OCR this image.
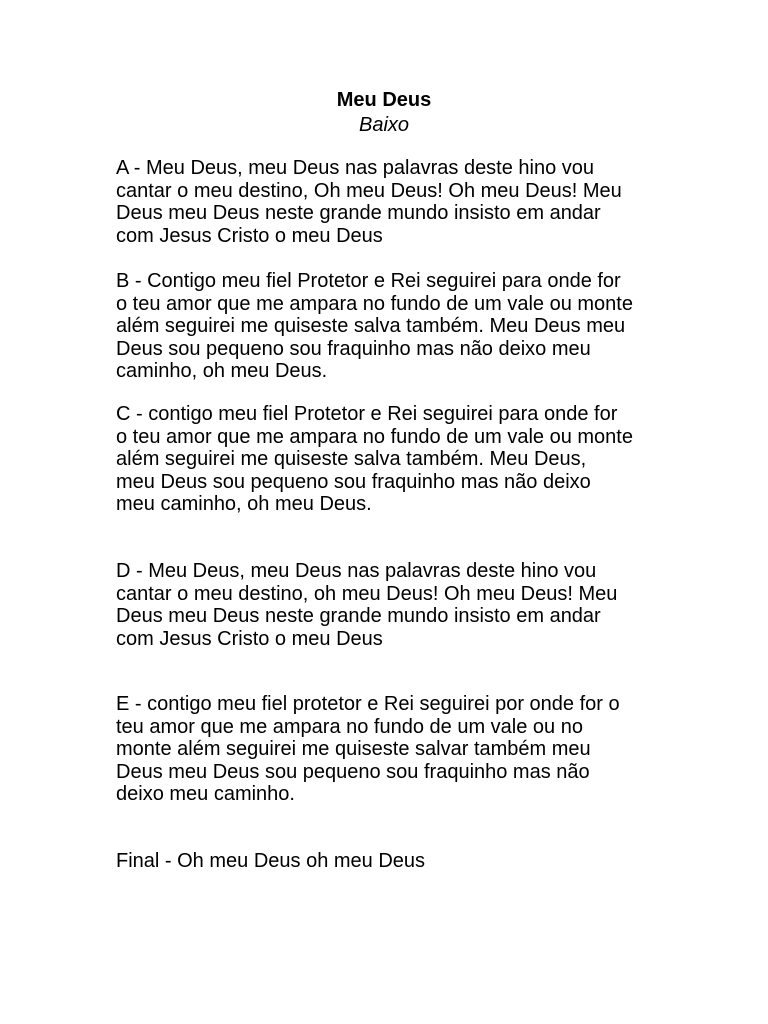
Meu Deus
Baixo
A - Meu Deus, meu Deus nas palavras deste hino vou
cantar o meu destino, Oh meu Deus! Oh meu Deus! Meu
Deus meu Deus neste grande mundo insisto em andar
com Jesus Cristo o meu Deus
B - Contigo meu fiel Protetor e Rei seguirei para onde for
o teu amor que me ampara no fundo de um vale ou monte
além seguirei me quiseste salva também. Meu Deus meu
Deus sou pequeno sou fraquinho mas não deixo meu
caminho, oh meu Deus.
C - contigo meu fiel Protetor e Rei seguirei para onde for
o teu amor que me ampara no fundo de um vale ou monte
além seguirei me quiseste salva também. Meu Deus,
meu Deus sou pequeno sou fraquinho mas não deixo
meu caminho, oh meu Deus.
D - Meu Deus, meu Deus nas palavras deste hino vou
cantar o meu destino, oh meu Deus! Oh meu Deus! Meu
Deus meu Deus neste grande mundo insisto em andar
com Jesus Cristo o meu Deus
E - contigo meu fiel protetor e Rei seguirei por onde for o
teu amor que me ampara no fundo de um vale ou no
monte além seguirei me quiseste salvar também meu
Deus meu Deus sou pequeno sou fraquinho mas não
deixo meu caminho.
Final - Oh meu Deus oh meu Deus
